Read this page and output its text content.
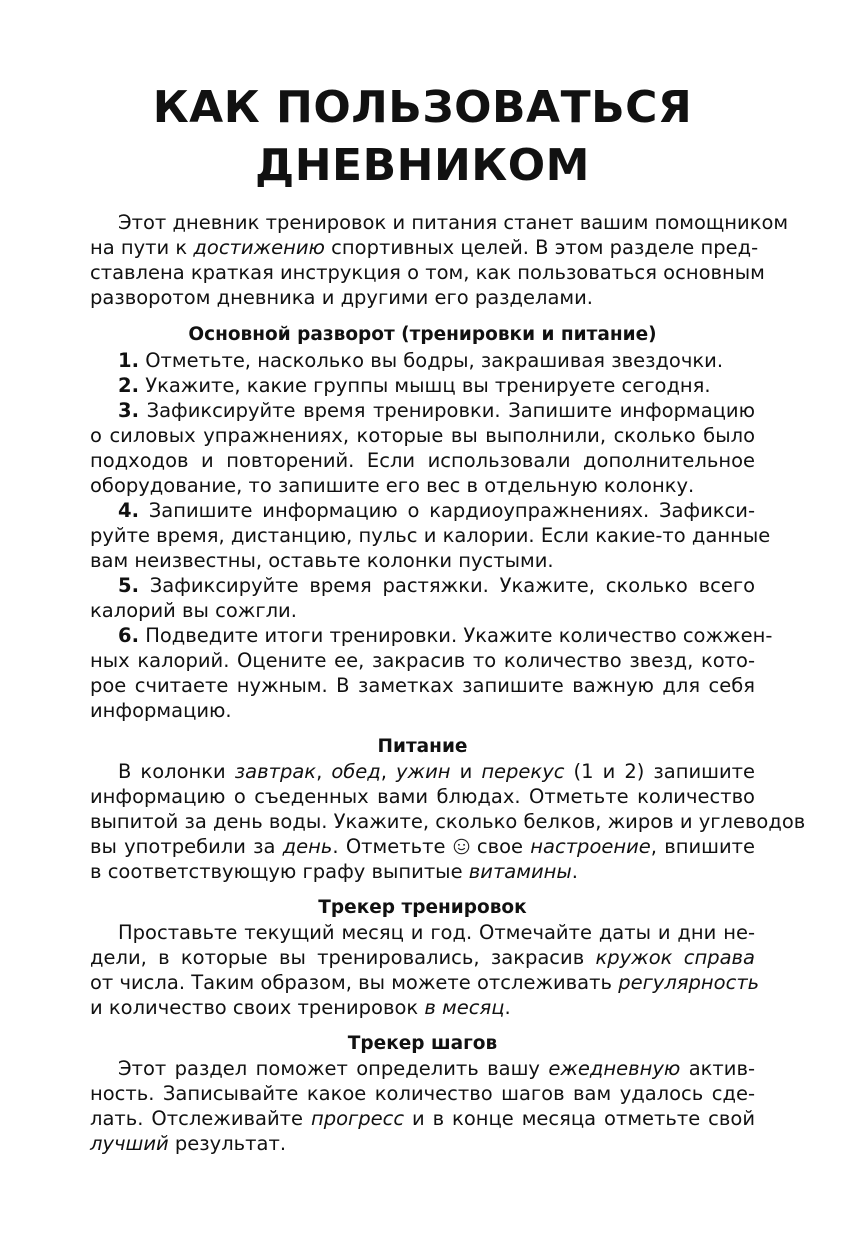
КАК ПОЛЬЗОВАТЬСЯ
ДНЕВНИКОМ
Этот дневник тренировок и питания станет вашим помощником
на пути к достижению спортивных целей. В этом разделе пред-
ставлена краткая инструкция о том, как пользоваться основным
разворотом дневника и другими его разделами.
Основной разворот (тренировки и питание)
1. Отметьте, насколько вы бодры, закрашивая звездочки.
2. Укажите, какие группы мышц вы тренируете сегодня.
3. Зафиксируйте время тренировки. Запишите информацию
о силовых упражнениях, которые вы выполнили, сколько было
подходов и повторений. Если использовали дополнительное
оборудование, то запишите его вес в отдельную колонку.
4. Запишите информацию о кардиоупражнениях. Зафикси-
руйте время, дистанцию, пульс и калории. Если какие-то данные
вам неизвестны, оставьте колонки пустыми.
5. Зафиксируйте время растяжки. Укажите, сколько всего
калорий вы сожгли.
6. Подведите итоги тренировки. Укажите количество сожжен-
ных калорий. Оцените ее, закрасив то количество звезд, кото-
рое считаете нужным. В заметках запишите важную для себя
информацию.
Питание
В колонки завтрак, обед, ужин и перекус (1 и 2) запишите
информацию о съеденных вами блюдах. Отметьте количество
выпитой за день воды. Укажите, сколько белков, жиров и углеводов
вы употребили за день. Отметьте  свое настроение, впишите
в соответствующую графу выпитые витамины.
Трекер тренировок
Проставьте текущий месяц и год. Отмечайте даты и дни не-
дели, в которые вы тренировались, закрасив кружок справа
от числа. Таким образом, вы можете отслеживать регулярность
и количество своих тренировок в месяц.
Трекер шагов
Этот раздел поможет определить вашу ежедневную актив-
ность. Записывайте какое количество шагов вам удалось сде-
лать. Отслеживайте прогресс и в конце месяца отметьте свой
лучший результат.
